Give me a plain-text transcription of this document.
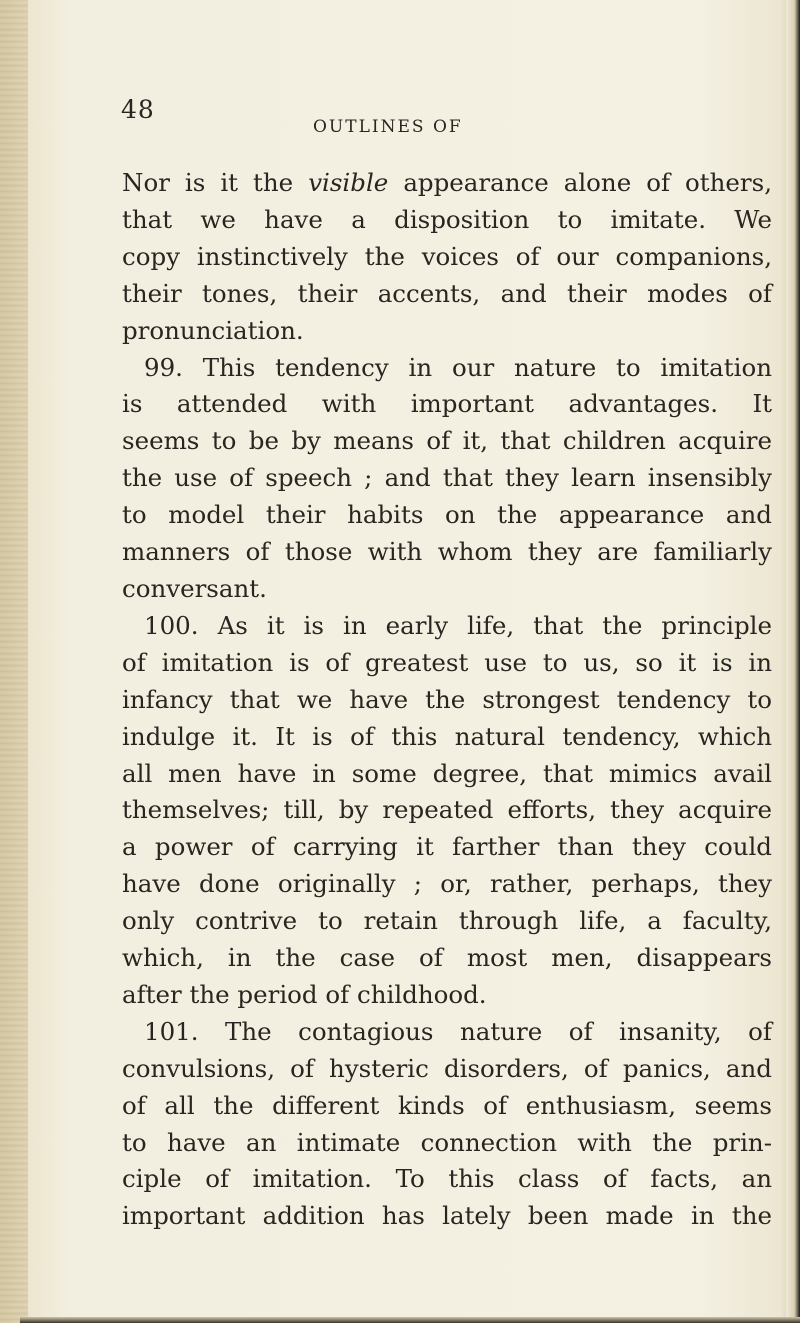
48
OUTLINES OF
Nor is it the visible appearance alone of others,
that we have a disposition to imitate. We
copy instinctively the voices of our companions,
their tones, their accents, and their modes of
pronunciation.
99. This tendency in our nature to imitation
is attended with important advantages. It
seems to be by means of it, that children acquire
the use of speech ; and that they learn insensibly
to model their habits on the appearance and
manners of those with whom they are familiarly
conversant.
100. As it is in early life, that the principle
of imitation is of greatest use to us, so it is in
infancy that we have the strongest tendency to
indulge it. It is of this natural tendency, which
all men have in some degree, that mimics avail
themselves; till, by repeated efforts, they acquire
a power of carrying it farther than they could
have done originally ; or, rather, perhaps, they
only contrive to retain through life, a faculty,
which, in the case of most men, disappears
after the period of childhood.
101. The contagious nature of insanity, of
convulsions, of hysteric disorders, of panics, and
of all the different kinds of enthusiasm, seems
to have an intimate connection with the prin-
ciple of imitation. To this class of facts, an
important addition has lately been made in the
